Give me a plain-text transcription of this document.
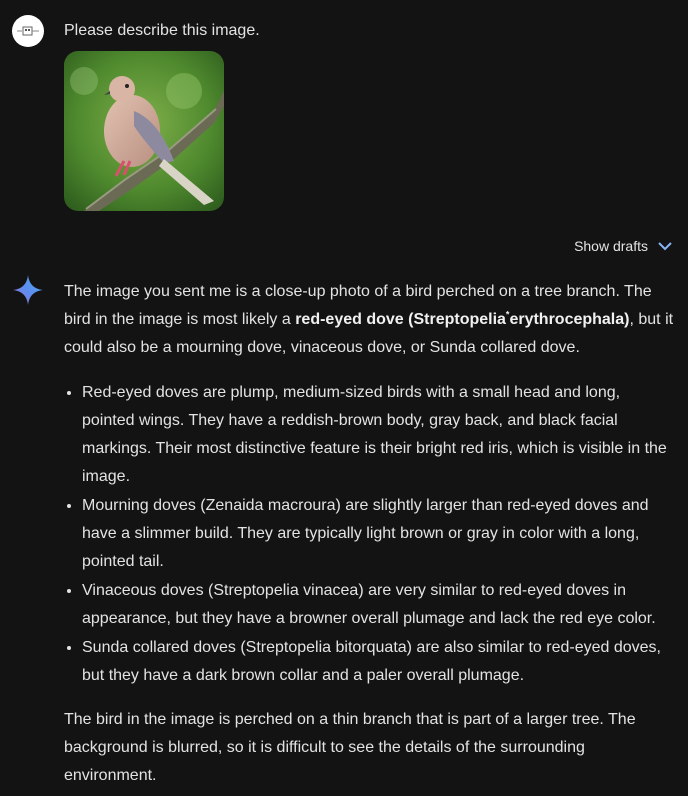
Please describe this image.
Show drafts

The image you sent me is a close-up photo of a bird perched on a tree branch. The bird in the image is most likely a red-eyed dove (Streptopelia*erythrocephala), but it could also be a mourning dove, vinaceous dove, or Sunda collared dove.

• Red-eyed doves are plump, medium-sized birds with a small head and long, pointed wings. They have a reddish-brown body, gray back, and black facial markings. Their most distinctive feature is their bright red iris, which is visible in the image.
• Mourning doves (Zenaida macroura) are slightly larger than red-eyed doves and have a slimmer build. They are typically light brown or gray in color with a long, pointed tail.
• Vinaceous doves (Streptopelia vinacea) are very similar to red-eyed doves in appearance, but they have a browner overall plumage and lack the red eye color.
• Sunda collared doves (Streptopelia bitorquata) are also similar to red-eyed doves, but they have a dark brown collar and a paler overall plumage.

The bird in the image is perched on a thin branch that is part of a larger tree. The background is blurred, so it is difficult to see the details of the surrounding environment.
